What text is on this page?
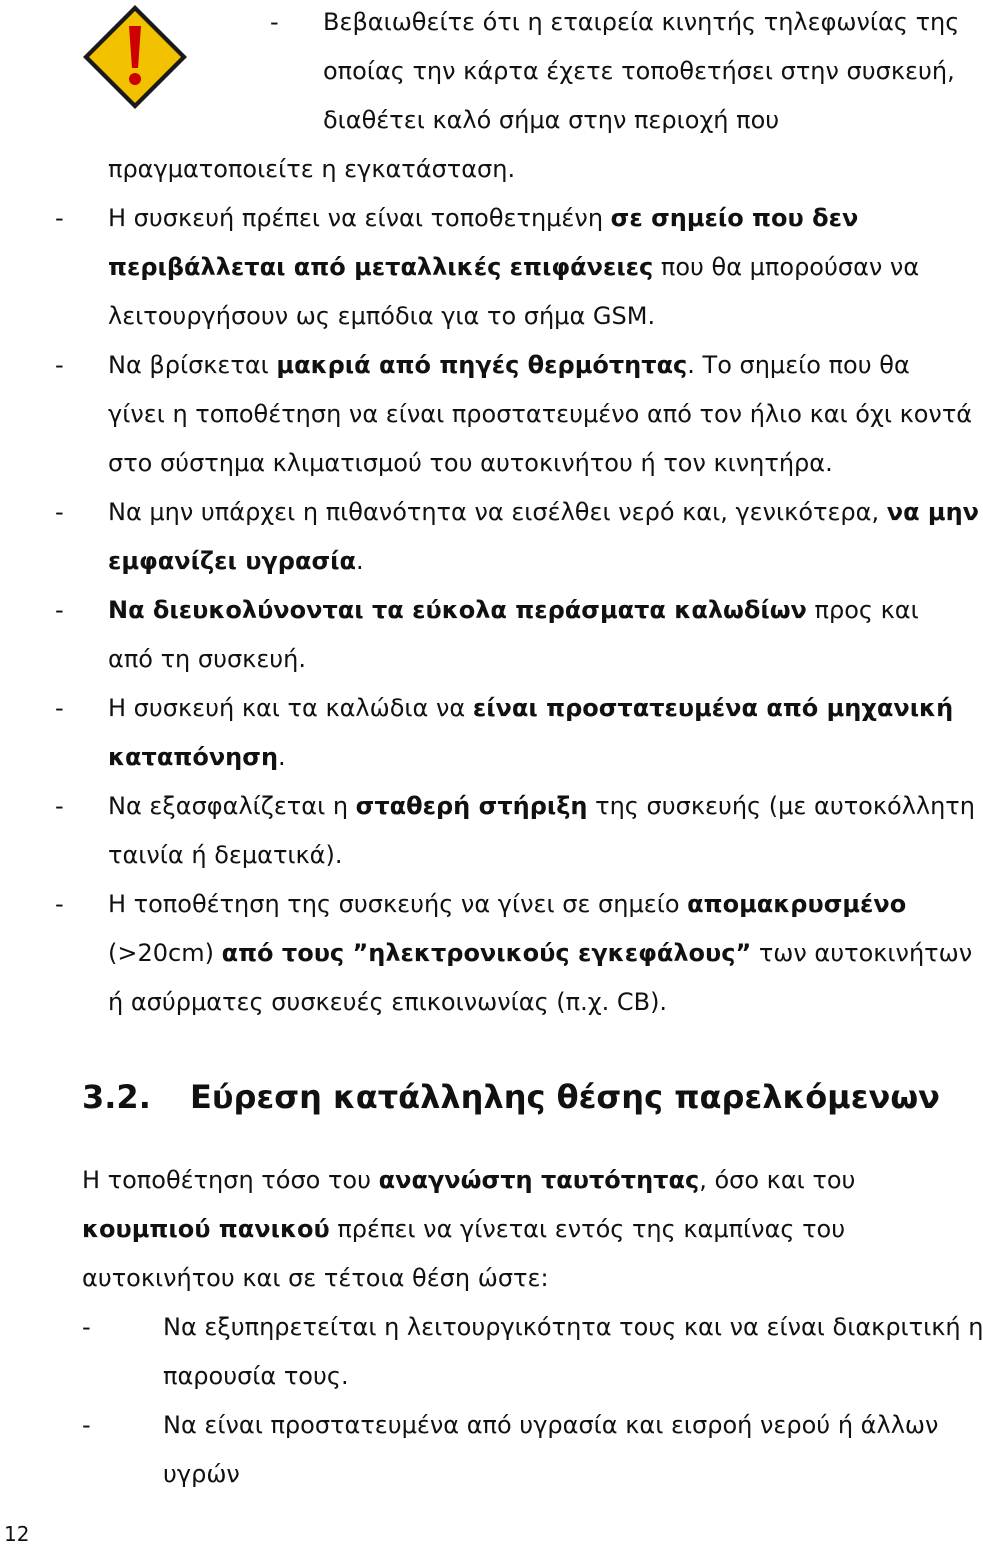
- Βεβαιωθείτε ότι η εταιρεία κινητής τηλεφωνίας της
οποίας την κάρτα έχετε τοποθετήσει στην συσκευή,
διαθέτει καλό σήμα στην περιοχή που
πραγματοποιείτε η εγκατάσταση.
- Η συσκευή πρέπει να είναι τοποθετημένη σε σημείο που δεν
περιβάλλεται από μεταλλικές επιφάνειες που θα μπορούσαν να
λειτουργήσουν ως εμπόδια για το σήμα GSM.
- Να βρίσκεται μακριά από πηγές θερμότητας. Το σημείο που θα
γίνει η τοποθέτηση να είναι προστατευμένο από τον ήλιο και όχι κοντά
στο σύστημα κλιματισμού του αυτοκινήτου ή τον κινητήρα.
- Να μην υπάρχει η πιθανότητα να εισέλθει νερό και, γενικότερα, να μην
εμφανίζει υγρασία.
- Να διευκολύνονται τα εύκολα περάσματα καλωδίων προς και
από τη συσκευή.
- Η συσκευή και τα καλώδια να είναι προστατευμένα από μηχανική
καταπόνηση.
- Να εξασφαλίζεται η σταθερή στήριξη της συσκευής (με αυτοκόλλητη
ταινία ή δεματικά).
- Η τοποθέτηση της συσκευής να γίνει σε σημείο απομακρυσμένο
(>20cm) από τους ”ηλεκτρονικούς εγκεφάλους” των αυτοκινήτων
ή ασύρματες συσκευές επικοινωνίας (π.χ. CB).
3.2. Εύρεση κατάλληλης θέσης παρελκόμενων
Η τοποθέτηση τόσο του αναγνώστη ταυτότητας, όσο και του
κουμπιού πανικού πρέπει να γίνεται εντός της καμπίνας του
αυτοκινήτου και σε τέτοια θέση ώστε:
-	Να εξυπηρετείται η λειτουργικότητα τους και να είναι διακριτική η
παρουσία τους.
-	Να είναι προστατευμένα από υγρασία και εισροή νερού ή άλλων
υγρών
12
